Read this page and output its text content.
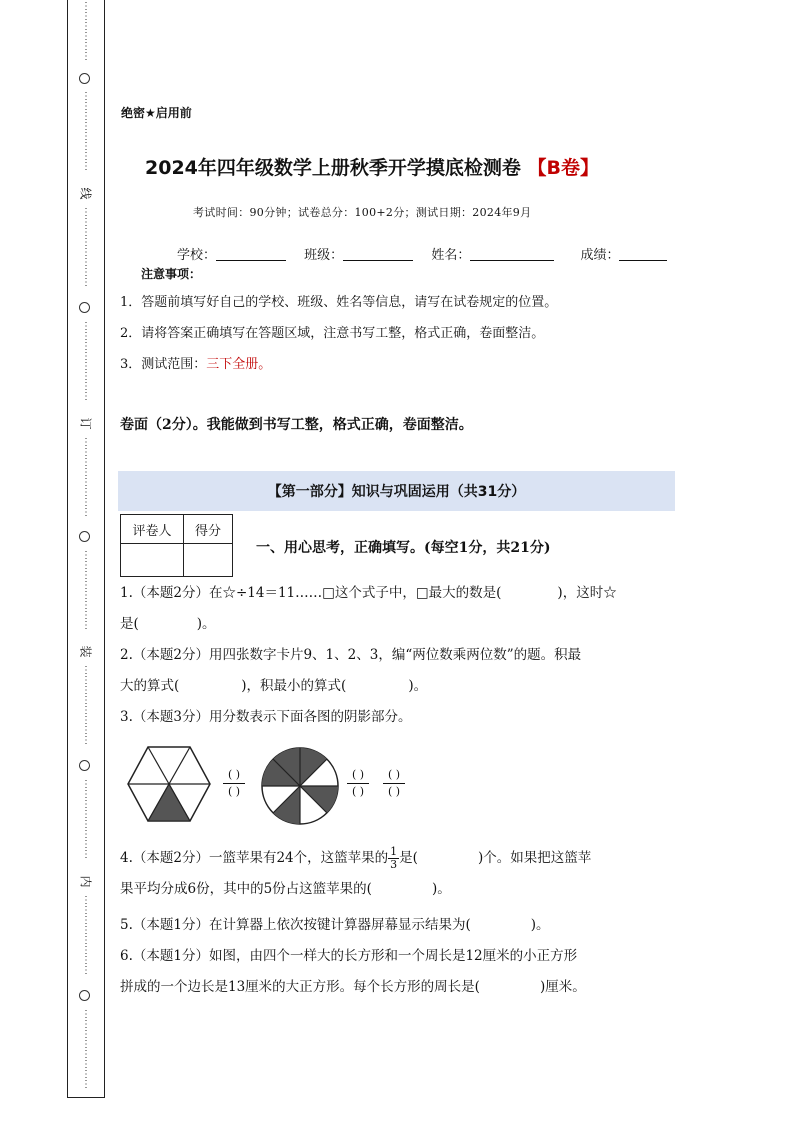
⋮
⋮
⋮
⋮
⋮
⋮
⋮
⋮
⋮
⋮
⋮
⋮
⋮
⋮
线
⋮
⋮
⋮
⋮
⋮
⋮
⋮
⋮
⋮
⋮
⋮
⋮
⋮
⋮
⋮
⋮
订
⋮
⋮
⋮
⋮
⋮
⋮
⋮
⋮
⋮
⋮
⋮
⋮
⋮
⋮
⋮
⋮
装
⋮
⋮
⋮
⋮
⋮
⋮
⋮
⋮
⋮
⋮
⋮
⋮
⋮
⋮
⋮
⋮
内
⋮
⋮
⋮
⋮
⋮
⋮
⋮
⋮
⋮
⋮
⋮
⋮
⋮
⋮
⋮
⋮
绝密★启用前
2024年四年级数学上册秋季开学摸底检测卷 【B卷】
考试时间：90分钟；试卷总分：100+2分；测试日期：2024年9月
学校：	班级：	姓名：	成绩：
注意事项：
1．答题前填写好自己的学校、班级、姓名等信息，请写在试卷规定的位置。
2．请将答案正确填写在答题区域，注意书写工整，格式正确，卷面整洁。
3．测试范围：三下全册。
卷面（2分）。我能做到书写工整，格式正确，卷面整洁。
【第一部分】知识与巩固运用（共31分）
评卷人	得分

一、用心思考，正确填写。(每空1分，共21分)
1.（本题2分）在☆÷14＝11……□这个式子中，□最大的数是(	)，这时☆
是(	)。
2.（本题2分）用四张数字卡片9、1、2、3，编“两位数乘两位数”的题。积最
大的算式(	)，积最小的算式(	)。
3.（本题3分）用分数表示下面各图的阴影部分。
( )
( )
( )
( )
( )
( )
4.（本题2分）一篮苹果有24个，这篮苹果的 $\frac{1}{3}$ 是(	)个。如果把这篮苹
果平均分成6份，其中的5份占这篮苹果的(	)。
5.（本题1分）在计算器上依次按键计算器屏幕显示结果为(	)。
6.（本题1分）如图，由四个一样大的长方形和一个周长是12厘米的小正方形
拼成的一个边长是13厘米的大正方形。每个长方形的周长是(	)厘米。
